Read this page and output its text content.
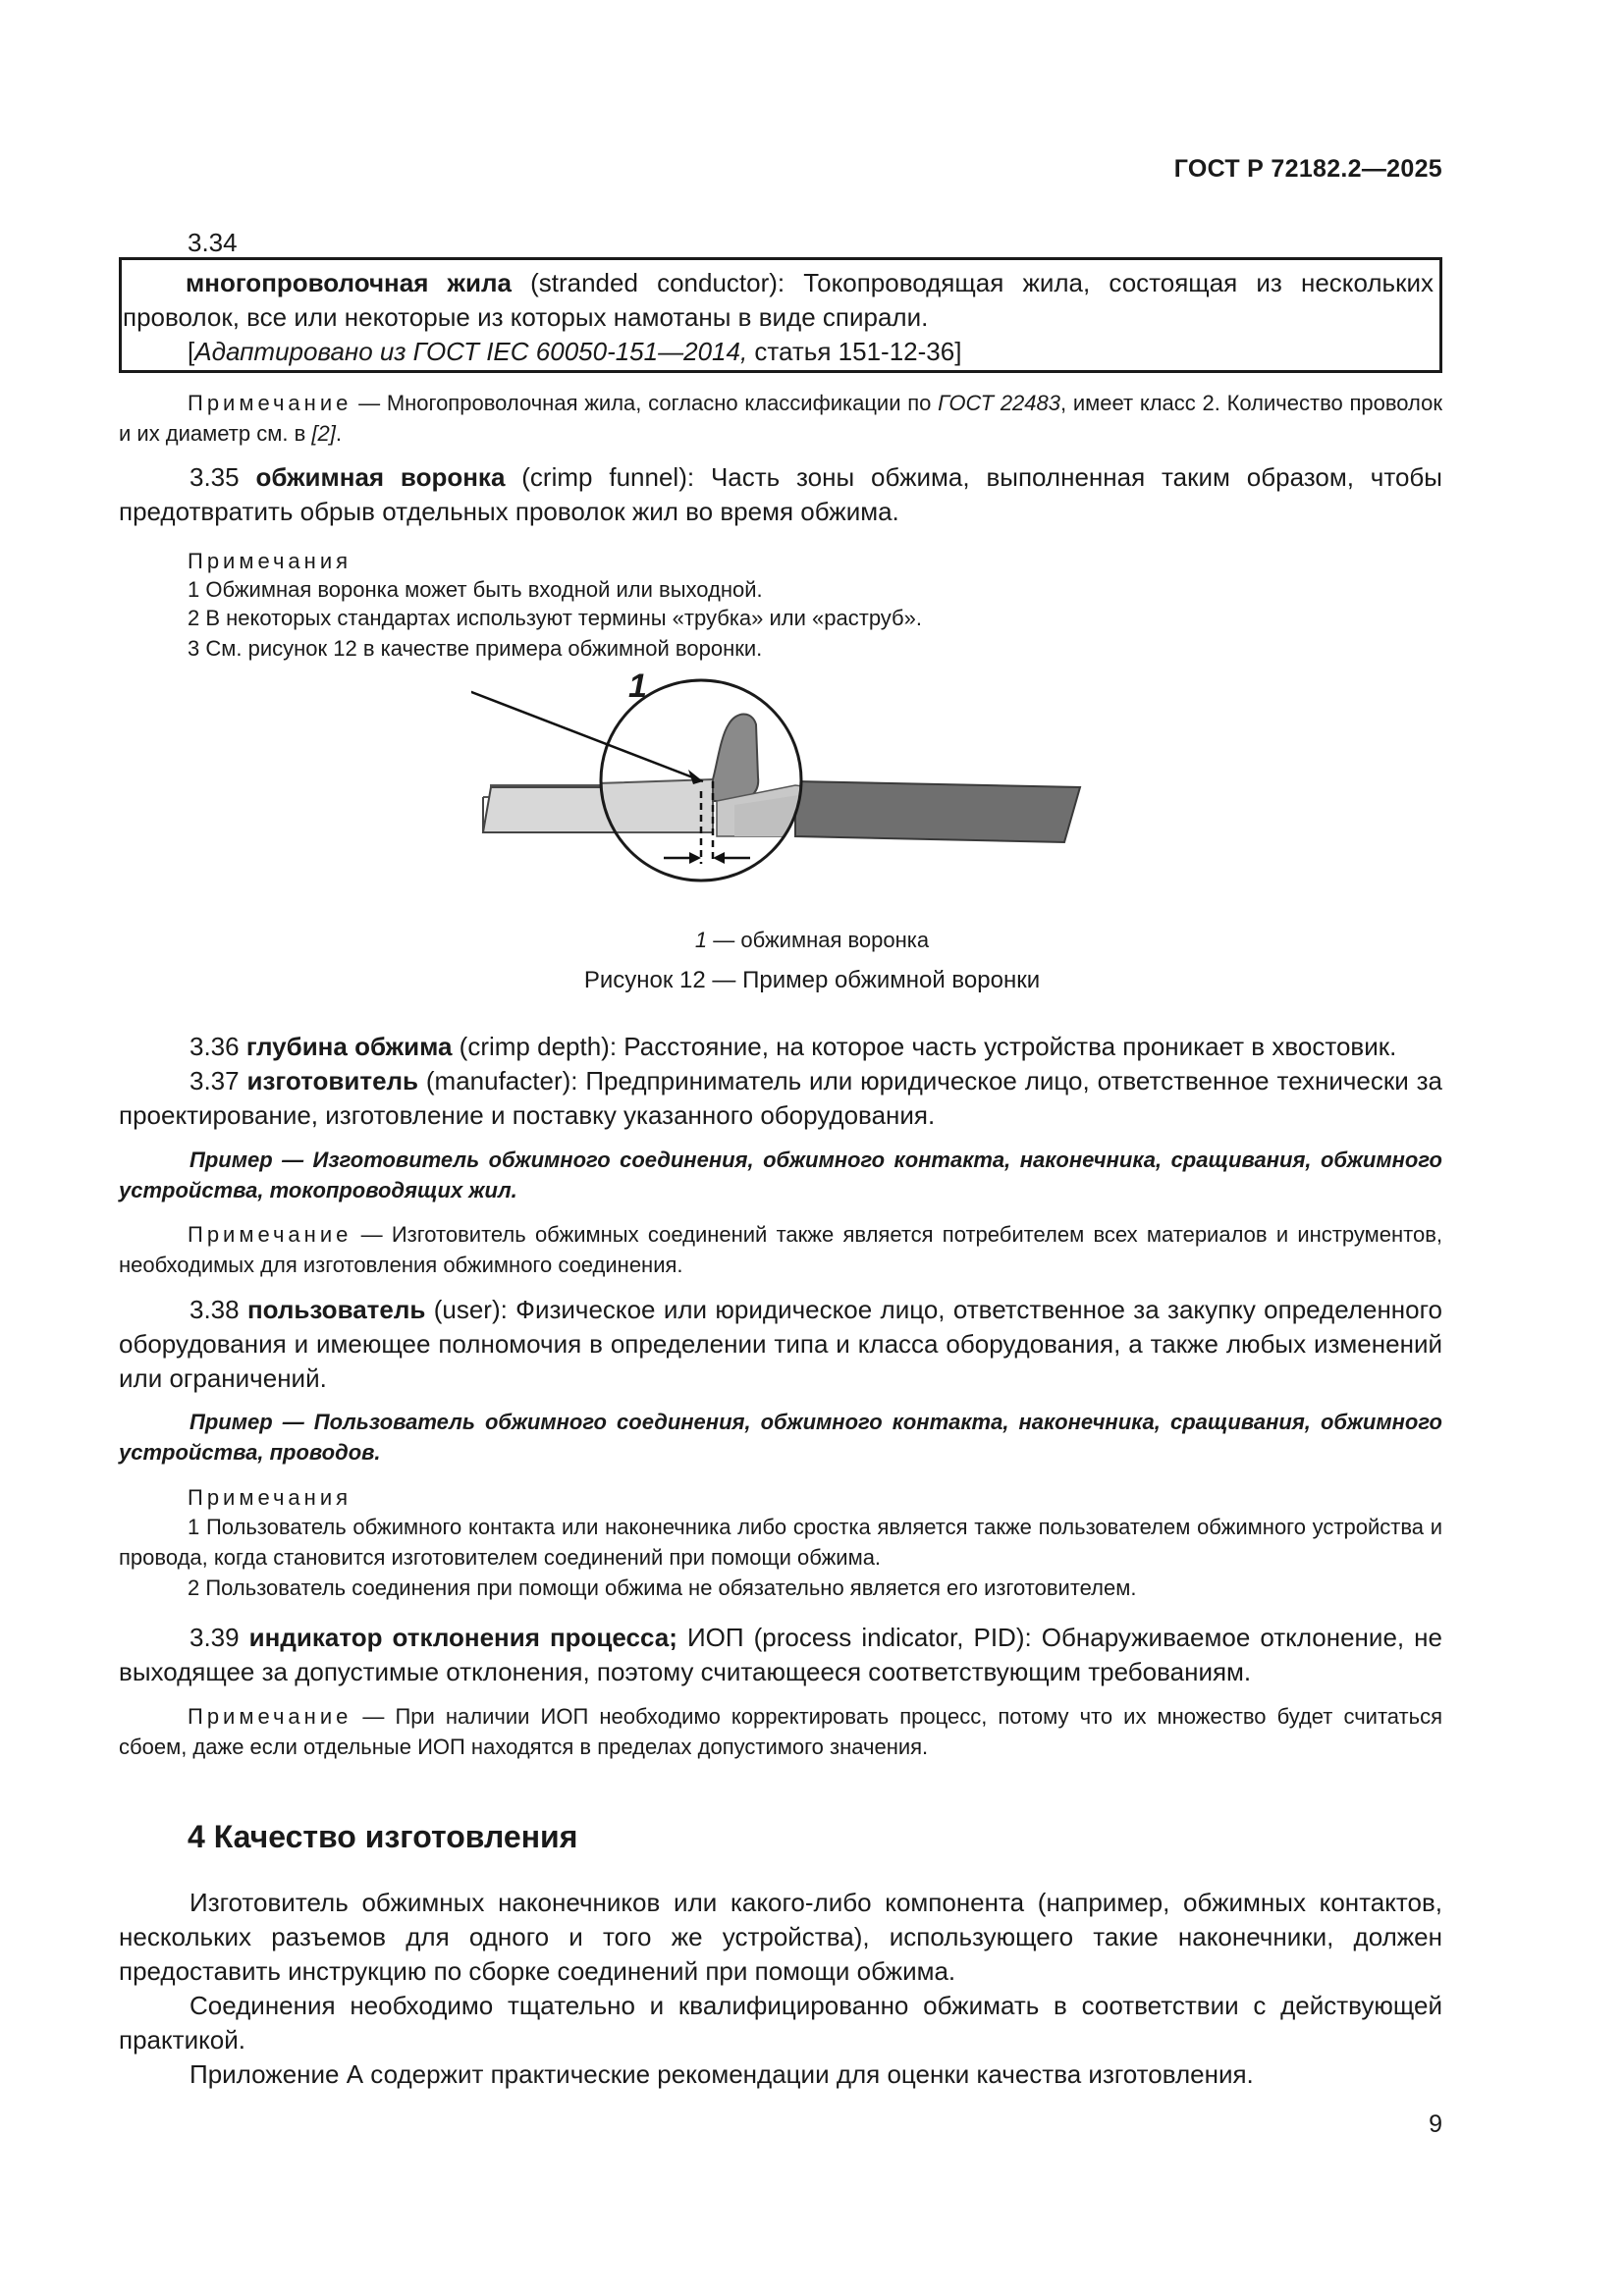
ГОСТ Р 72182.2—2025
3.34
многопроволочная жила (stranded conductor): Токопроводящая жила, состоящая из нескольких проволок, все или некоторые из которых намотаны в виде спирали.
[Адаптировано из ГОСТ IEC 60050-151—2014, статья 151-12-36]
Примечание — Многопроволочная жила, согласно классификации по ГОСТ 22483, имеет класс 2. Количество проволок и их диаметр см. в [2].
3.35 обжимная воронка (crimp funnel): Часть зоны обжима, выполненная таким образом, чтобы предотвратить обрыв отдельных проволок жил во время обжима.
Примечания
1 Обжимная воронка может быть входной или выходной.
2 В некоторых стандартах используют термины «трубка» или «раструб».
3 См. рисунок 12 в качестве примера обжимной воронки.
1
1 — обжимная воронка
Рисунок 12 — Пример обжимной воронки
3.36 глубина обжима (crimp depth): Расстояние, на которое часть устройства проникает в хвостовик.
3.37 изготовитель (manufacter): Предприниматель или юридическое лицо, ответственное технически за проектирование, изготовление и поставку указанного оборудования.
Пример — Изготовитель обжимного соединения, обжимного контакта, наконечника, сращивания, обжимного устройства, токопроводящих жил.
Примечание — Изготовитель обжимных соединений также является потребителем всех материалов и инструментов, необходимых для изготовления обжимного соединения.
3.38 пользователь (user): Физическое или юридическое лицо, ответственное за закупку определенного оборудования и имеющее полномочия в определении типа и класса оборудования, а также любых изменений или ограничений.
Пример — Пользователь обжимного соединения, обжимного контакта, наконечника, сращивания, обжимного устройства, проводов.
Примечания
1 Пользователь обжимного контакта или наконечника либо сростка является также пользователем обжимного устройства и провода, когда становится изготовителем соединений при помощи обжима.
2 Пользователь соединения при помощи обжима не обязательно является его изготовителем.
3.39 индикатор отклонения процесса; ИОП (process indicator, PID): Обнаруживаемое отклонение, не выходящее за допустимые отклонения, поэтому считающееся соответствующим требованиям.
Примечание — При наличии ИОП необходимо корректировать процесс, потому что их множество будет считаться сбоем, даже если отдельные ИОП находятся в пределах допустимого значения.
4 Качество изготовления
Изготовитель обжимных наконечников или какого-либо компонента (например, обжимных контактов, нескольких разъемов для одного и того же устройства), использующего такие наконечники, должен предоставить инструкцию по сборке соединений при помощи обжима.
Соединения необходимо тщательно и квалифицированно обжимать в соответствии с действующей практикой.
Приложение А содержит практические рекомендации для оценки качества изготовления.
9
